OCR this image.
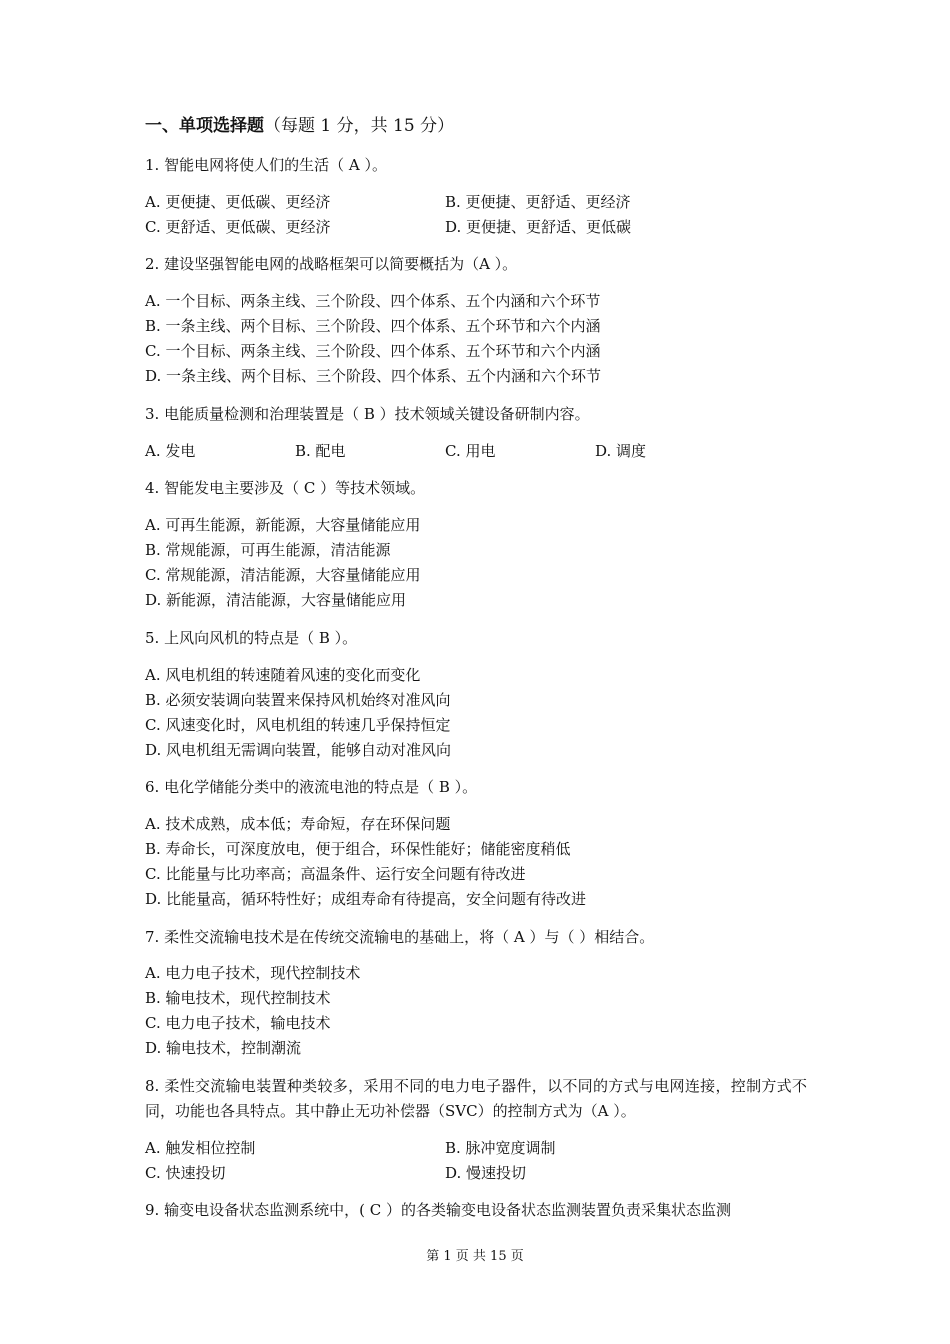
一、单项选择题（每题 1 分，共 15 分）
1. 智能电网将使人们的生活（ A ）。
A. 更便捷、更低碳、更经济	B. 更便捷、更舒适、更经济
C. 更舒适、更低碳、更经济	D. 更便捷、更舒适、更低碳
2. 建设坚强智能电网的战略框架可以简要概括为（A ）。
A. 一个目标、两条主线、三个阶段、四个体系、五个内涵和六个环节
B. 一条主线、两个目标、三个阶段、四个体系、五个环节和六个内涵
C. 一个目标、两条主线、三个阶段、四个体系、五个环节和六个内涵
D. 一条主线、两个目标、三个阶段、四个体系、五个内涵和六个环节
3. 电能质量检测和治理装置是（ B ）技术领域关键设备研制内容。
A. 发电	B. 配电	C. 用电	D. 调度
4. 智能发电主要涉及（ C ）等技术领域。
A. 可再生能源，新能源，大容量储能应用
B. 常规能源，可再生能源，清洁能源
C. 常规能源，清洁能源，大容量储能应用
D. 新能源，清洁能源，大容量储能应用
5. 上风向风机的特点是（ B ）。
A. 风电机组的转速随着风速的变化而变化
B. 必须安装调向装置来保持风机始终对准风向
C. 风速变化时，风电机组的转速几乎保持恒定
D. 风电机组无需调向装置，能够自动对准风向
6. 电化学储能分类中的液流电池的特点是（ B ）。
A. 技术成熟，成本低；寿命短，存在环保问题
B. 寿命长，可深度放电，便于组合，环保性能好；储能密度稍低
C. 比能量与比功率高；高温条件、运行安全问题有待改进
D. 比能量高，循环特性好；成组寿命有待提高，安全问题有待改进
7. 柔性交流输电技术是在传统交流输电的基础上，将（ A ）与（ ）相结合。
A. 电力电子技术，现代控制技术
B. 输电技术，现代控制技术
C. 电力电子技术，输电技术
D. 输电技术，控制潮流
8. 柔性交流输电装置种类较多，采用不同的电力电子器件，以不同的方式与电网连接，控制方式不同，功能也各具特点。其中静止无功补偿器（SVC）的控制方式为（A ）。
A. 触发相位控制	B. 脉冲宽度调制
C. 快速投切	D. 慢速投切
9. 输变电设备状态监测系统中，( C ）的各类输变电设备状态监测装置负责采集状态监测
第 1 页 共 15 页
